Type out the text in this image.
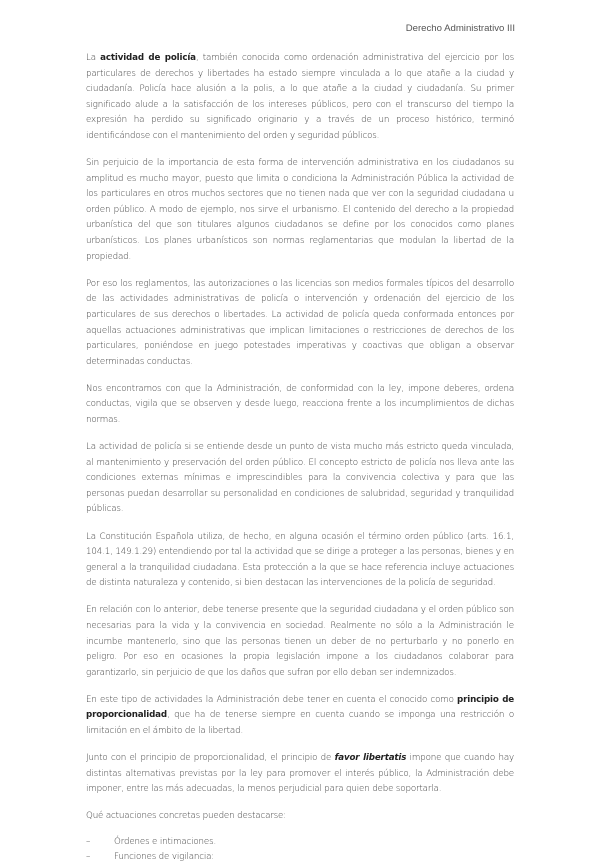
Derecho Administrativo III

La actividad de policía, también conocida como ordenación administrativa del ejercicio por los particulares de derechos y libertades ha estado siempre vinculada a lo que atañe a la ciudad y ciudadanía. Policía hace alusión a la polis, a lo que atañe a la ciudad y ciudadanía. Su primer significado alude a la satisfacción de los intereses públicos, pero con el transcurso del tiempo la expresión ha perdido su significado originario y a través de un proceso histórico, terminó identificándose con el mantenimiento del orden y seguridad públicos.

Sin perjuicio de la importancia de esta forma de intervención administrativa en los ciudadanos su amplitud es mucho mayor, puesto que limita o condiciona la Administración Pública la actividad de los particulares en otros muchos sectores que no tienen nada que ver con la seguridad ciudadana u orden público. A modo de ejemplo, nos sirve el urbanismo. El contenido del derecho a la propiedad urbanística del que son titulares algunos ciudadanos se define por los conocidos como planes urbanísticos. Los planes urbanísticos son normas reglamentarias que modulan la libertad de la propiedad.

Por eso los reglamentos, las autorizaciones o las licencias son medios formales típicos del desarrollo de las actividades administrativas de policía o intervención y ordenación del ejercicio de los particulares de sus derechos o libertades. La actividad de policía queda conformada entonces por aquellas actuaciones administrativas que implican limitaciones o restricciones de derechos de los particulares, poniéndose en juego potestades imperativas y coactivas que obligan a observar determinadas conductas.

Nos encontramos con que la Administración, de conformidad con la ley, impone deberes, ordena conductas, vigila que se observen y desde luego, reacciona frente a los incumplimientos de dichas normas.

La actividad de policía si se entiende desde un punto de vista mucho más estricto queda vinculada, al mantenimiento y preservación del orden público. El concepto estricto de policía nos lleva ante las condiciones externas mínimas e imprescindibles para la convivencia colectiva y para que las personas puedan desarrollar su personalidad en condiciones de salubridad, seguridad y tranquilidad públicas.

La Constitución Española utiliza, de hecho, en alguna ocasión el término orden público (arts. 16.1, 104.1, 149.1.29) entendiendo por tal la actividad que se dirige a proteger a las personas, bienes y en general a la tranquilidad ciudadana. Esta protección a la que se hace referencia incluye actuaciones de distinta naturaleza y contenido, si bien destacan las intervenciones de la policía de seguridad.

En relación con lo anterior, debe tenerse presente que la seguridad ciudadana y el orden público son necesarias para la vida y la convivencia en sociedad. Realmente no sólo a la Administración le incumbe mantenerlo, sino que las personas tienen un deber de no perturbarlo y no ponerlo en peligro. Por eso en ocasiones la propia legislación impone a los ciudadanos colaborar para garantizarlo, sin perjuicio de que los daños que sufran por ello deban ser indemnizados.

En este tipo de actividades la Administración debe tener en cuenta el conocido como principio de proporcionalidad, que ha de tenerse siempre en cuenta cuando se imponga una restricción o limitación en el ámbito de la libertad.

Junto con el principio de proporcionalidad, el principio de favor libertatis impone que cuando hay distintas alternativas previstas por la ley para promover el interés público, la Administración debe imponer, entre las más adecuadas, la menos perjudicial para quien debe soportarla.

Qué actuaciones concretas pueden destacarse:

–	Órdenes e intimaciones.
–	Funciones de vigilancia:
